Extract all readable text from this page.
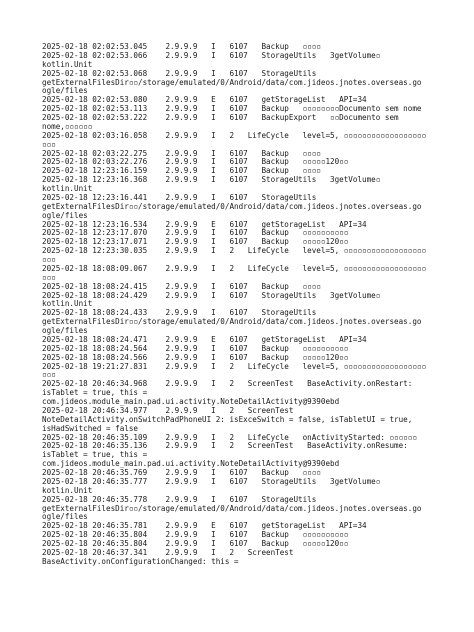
2025-02-18 02:02:53.045    2.9.9.9   I   6107   Backup   ▫▫▫▫
2025-02-18 02:02:53.066    2.9.9.9   I   6107   StorageUtils   3getVolume▫
kotlin.Unit
2025-02-18 02:02:53.068    2.9.9.9   I   6107   StorageUtils
getExternalFilesDir▫▫/storage/emulated/0/Android/data/com.jideos.jnotes.overseas.go
ogle/files
2025-02-18 02:02:53.080    2.9.9.9   E   6107   getStorageList   API=34
2025-02-18 02:02:53.113    2.9.9.9   I   6107   Backup   ▫▫▫▫▫▫▫▫Documento sem nome
2025-02-18 02:02:53.222    2.9.9.9   I   6107   BackupExport   ▫▫Documento sem
nome,▫▫▫▫▫▫
2025-02-18 02:03:16.058    2.9.9.9   I   2   LifeCycle   level=5, ▫▫▫▫▫▫▫▫▫▫▫▫▫▫▫▫▫▫
▫▫▫
2025-02-18 02:03:22.275    2.9.9.9   I   6107   Backup   ▫▫▫▫
2025-02-18 02:03:22.276    2.9.9.9   I   6107   Backup   ▫▫▫▫▫120▫▫
2025-02-18 12:23:16.159    2.9.9.9   I   6107   Backup   ▫▫▫▫
2025-02-18 12:23:16.368    2.9.9.9   I   6107   StorageUtils   3getVolume▫
kotlin.Unit
2025-02-18 12:23:16.441    2.9.9.9   I   6107   StorageUtils
getExternalFilesDir▫▫/storage/emulated/0/Android/data/com.jideos.jnotes.overseas.go
ogle/files
2025-02-18 12:23:16.534    2.9.9.9   E   6107   getStorageList   API=34
2025-02-18 12:23:17.070    2.9.9.9   I   6107   Backup   ▫▫▫▫▫▫▫▫▫▫
2025-02-18 12:23:17.071    2.9.9.9   I   6107   Backup   ▫▫▫▫▫120▫▫
2025-02-18 12:23:30.035    2.9.9.9   I   2   LifeCycle   level=5, ▫▫▫▫▫▫▫▫▫▫▫▫▫▫▫▫▫▫
▫▫▫
2025-02-18 18:08:09.067    2.9.9.9   I   2   LifeCycle   level=5, ▫▫▫▫▫▫▫▫▫▫▫▫▫▫▫▫▫▫
▫▫▫
2025-02-18 18:08:24.415    2.9.9.9   I   6107   Backup   ▫▫▫▫
2025-02-18 18:08:24.429    2.9.9.9   I   6107   StorageUtils   3getVolume▫
kotlin.Unit
2025-02-18 18:08:24.433    2.9.9.9   I   6107   StorageUtils
getExternalFilesDir▫▫/storage/emulated/0/Android/data/com.jideos.jnotes.overseas.go
ogle/files
2025-02-18 18:08:24.471    2.9.9.9   E   6107   getStorageList   API=34
2025-02-18 18:08:24.564    2.9.9.9   I   6107   Backup   ▫▫▫▫▫▫▫▫▫▫
2025-02-18 18:08:24.566    2.9.9.9   I   6107   Backup   ▫▫▫▫▫120▫▫
2025-02-18 19:21:27.831    2.9.9.9   I   2   LifeCycle   level=5, ▫▫▫▫▫▫▫▫▫▫▫▫▫▫▫▫▫▫
▫▫▫
2025-02-18 20:46:34.968    2.9.9.9   I   2   ScreenTest   BaseActivity.onRestart:
isTablet = true, this =
com.jideos.module_main.pad.ui.activity.NoteDetailActivity@9390ebd
2025-02-18 20:46:34.977    2.9.9.9   I   2   ScreenTest
NoteDetailActivity.onSwitchPadPhoneUI 2: isExceSwitch = false, isTabletUI = true,
isHadSwitched = false
2025-02-18 20:46:35.109    2.9.9.9   I   2   LifeCycle   onActivityStarted: ▫▫▫▫▫▫
2025-02-18 20:46:35.136    2.9.9.9   I   2   ScreenTest   BaseActivity.onResume:
isTablet = true, this =
com.jideos.module_main.pad.ui.activity.NoteDetailActivity@9390ebd
2025-02-18 20:46:35.769    2.9.9.9   I   6107   Backup   ▫▫▫▫
2025-02-18 20:46:35.777    2.9.9.9   I   6107   StorageUtils   3getVolume▫
kotlin.Unit
2025-02-18 20:46:35.778    2.9.9.9   I   6107   StorageUtils
getExternalFilesDir▫▫/storage/emulated/0/Android/data/com.jideos.jnotes.overseas.go
ogle/files
2025-02-18 20:46:35.781    2.9.9.9   E   6107   getStorageList   API=34
2025-02-18 20:46:35.804    2.9.9.9   I   6107   Backup   ▫▫▫▫▫▫▫▫▫▫
2025-02-18 20:46:35.804    2.9.9.9   I   6107   Backup   ▫▫▫▫▫120▫▫
2025-02-18 20:46:37.341    2.9.9.9   I   2   ScreenTest
BaseActivity.onConfigurationChanged: this =
